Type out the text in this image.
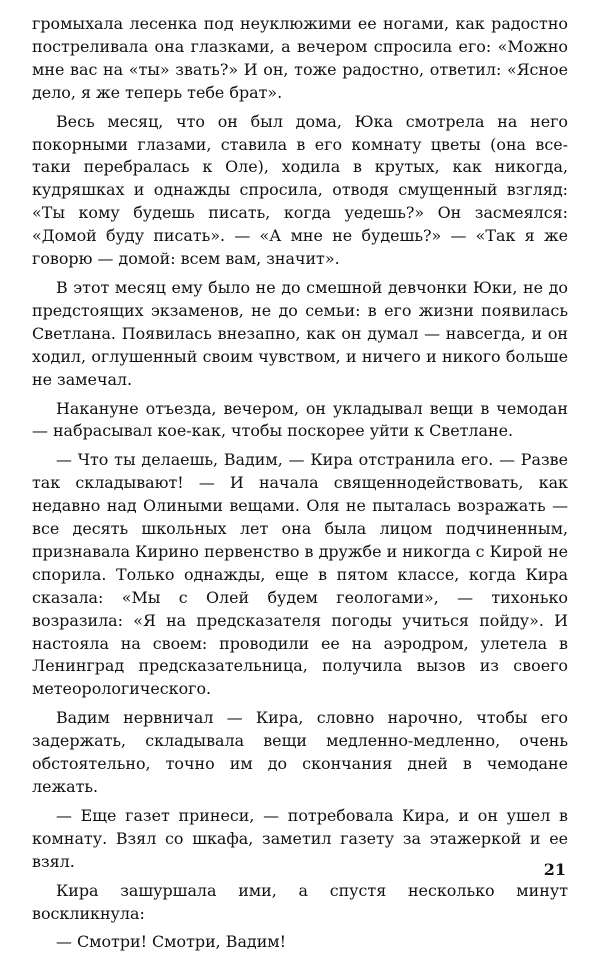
громыхала лесенка под неуклюжими ее ногами, как радостно постреливала она глазками, а вечером спросила его: «Можно мне вас на «ты» звать?» И он, тоже радостно, ответил: «Ясное дело, я же теперь тебе брат».

Весь месяц, что он был дома, Юка смотрела на него покорными глазами, ставила в его комнату цветы (она все-таки перебралась к Оле), ходила в крутых, как никогда, кудряшках и однажды спросила, отводя смущенный взгляд: «Ты кому будешь писать, когда уедешь?» Он засмеялся: «Домой буду писать». — «А мне не будешь?» — «Так я же говорю — домой: всем вам, значит».

В этот месяц ему было не до смешной девчонки Юки, не до предстоящих экзаменов, не до семьи: в его жизни появилась Светлана. Появилась внезапно, как он думал — навсегда, и он ходил, оглушенный своим чувством, и ничего и никого больше не замечал.

Накануне отъезда, вечером, он укладывал вещи в чемодан — набрасывал кое-как, чтобы поскорее уйти к Светлане.

— Что ты делаешь, Вадим, — Кира отстранила его. — Разве так складывают! — И начала священнодействовать, как недавно над Олиными вещами. Оля не пыталась возражать — все десять школьных лет она была лицом подчиненным, признавала Кирино первенство в дружбе и никогда с Кирой не спорила. Только однажды, еще в пятом классе, когда Кира сказала: «Мы с Олей будем геологами», — тихонько возразила: «Я на предсказателя погоды учиться пойду». И настояла на своем: проводили ее на аэродром, улетела в Ленинград предсказательница, получила вызов из своего метеорологического.

Вадим нервничал — Кира, словно нарочно, чтобы его задержать, складывала вещи медленно-медленно, очень обстоятельно, точно им до скончания дней в чемодане лежать.

— Еще газет принеси, — потребовала Кира, и он ушел в комнату. Взял со шкафа, заметил газету за этажеркой и ее взял.

Кира зашуршала ими, а спустя несколько минут воскликнула:

— Смотри! Смотри, Вадим!

21
